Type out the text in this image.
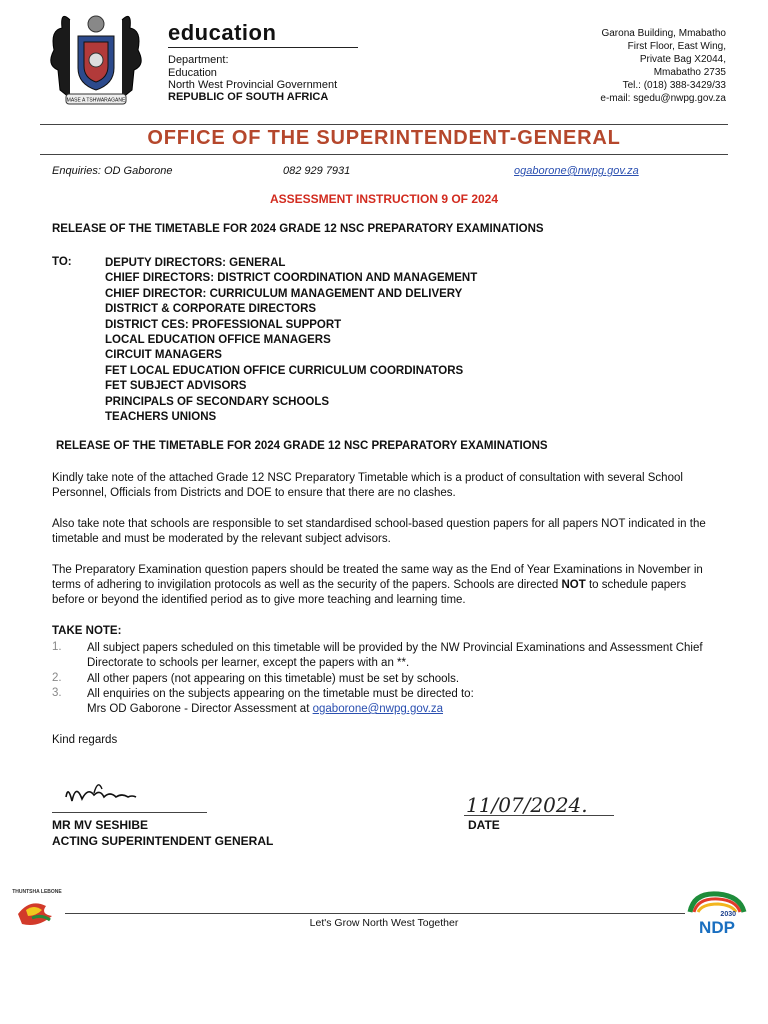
MASE A TSHWARAGANE
education
Department:
Education
North West Provincial Government
REPUBLIC OF SOUTH AFRICA
Garona Building, Mmabatho
First Floor, East Wing,
Private Bag X2044,
Mmabatho 2735
Tel.: (018) 388-3429/33
e-mail: sgedu@nwpg.gov.za
OFFICE OF THE SUPERINTENDENT-GENERAL
Enquiries: OD Gaborone	082 929 7931	ogaborone@nwpg.gov.za
ASSESSMENT INSTRUCTION 9 OF 2024
RELEASE OF THE TIMETABLE FOR 2024 GRADE 12 NSC PREPARATORY EXAMINATIONS
TO:	DEPUTY DIRECTORS: GENERAL
CHIEF DIRECTORS: DISTRICT COORDINATION AND MANAGEMENT
CHIEF DIRECTOR: CURRICULUM MANAGEMENT AND DELIVERY
DISTRICT & CORPORATE DIRECTORS
DISTRICT CES: PROFESSIONAL SUPPORT
LOCAL EDUCATION OFFICE MANAGERS
CIRCUIT MANAGERS
FET LOCAL EDUCATION OFFICE CURRICULUM COORDINATORS
FET SUBJECT ADVISORS
PRINCIPALS OF SECONDARY SCHOOLS
TEACHERS UNIONS
RELEASE OF THE TIMETABLE FOR 2024 GRADE 12 NSC PREPARATORY EXAMINATIONS

Kindly take note of the attached Grade 12 NSC Preparatory Timetable which is a product of consultation with several School Personnel, Officials from Districts and DOE to ensure that there are no clashes.

Also take note that schools are responsible to set standardised school-based question papers for all papers NOT indicated in the timetable and must be moderated by the relevant subject advisors.

The Preparatory Examination question papers should be treated the same way as the End of Year Examinations in November in terms of adhering to invigilation protocols as well as the security of the papers. Schools are directed NOT to schedule papers before or beyond the identified period as to give more teaching and learning time.

TAKE NOTE:
1. All subject papers scheduled on this timetable will be provided by the NW Provincial Examinations and Assessment Chief Directorate to schools per learner, except the papers with an **.

2. All other papers (not appearing on this timetable) must be set by schools.

3. All enquiries on the subjects appearing on the timetable must be directed to:

Mrs OD Gaborone - Director Assessment at ogaborone@nwpg.gov.za

Kind regards
MR MV SESHIBE
ACTING SUPERINTENDENT GENERAL
11/07/2024.
DATE
THUNTSHA LEBONE
Let's Grow North West Together
2030
NDP
